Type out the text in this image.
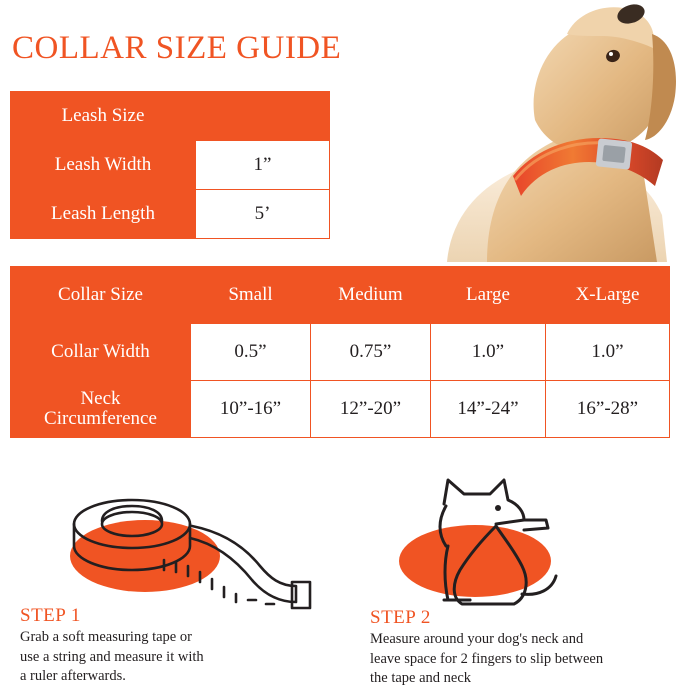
COLLAR SIZE GUIDE
Leash Size	
Leash Width	1”
Leash Length	5’
Collar Size	Small	Medium	Large	X-Large
Collar Width	0.5”	0.75”	1.0”	1.0”

Neck
Circumference	10”-16”	12”-20”	14”-24”	16”-28”
STEP 1
Grab a soft measuring tape or
use a string and measure it with
a ruler afterwards.
STEP 2
Measure around your dog's neck and
leave space for 2 fingers to slip between
the tape and neck
